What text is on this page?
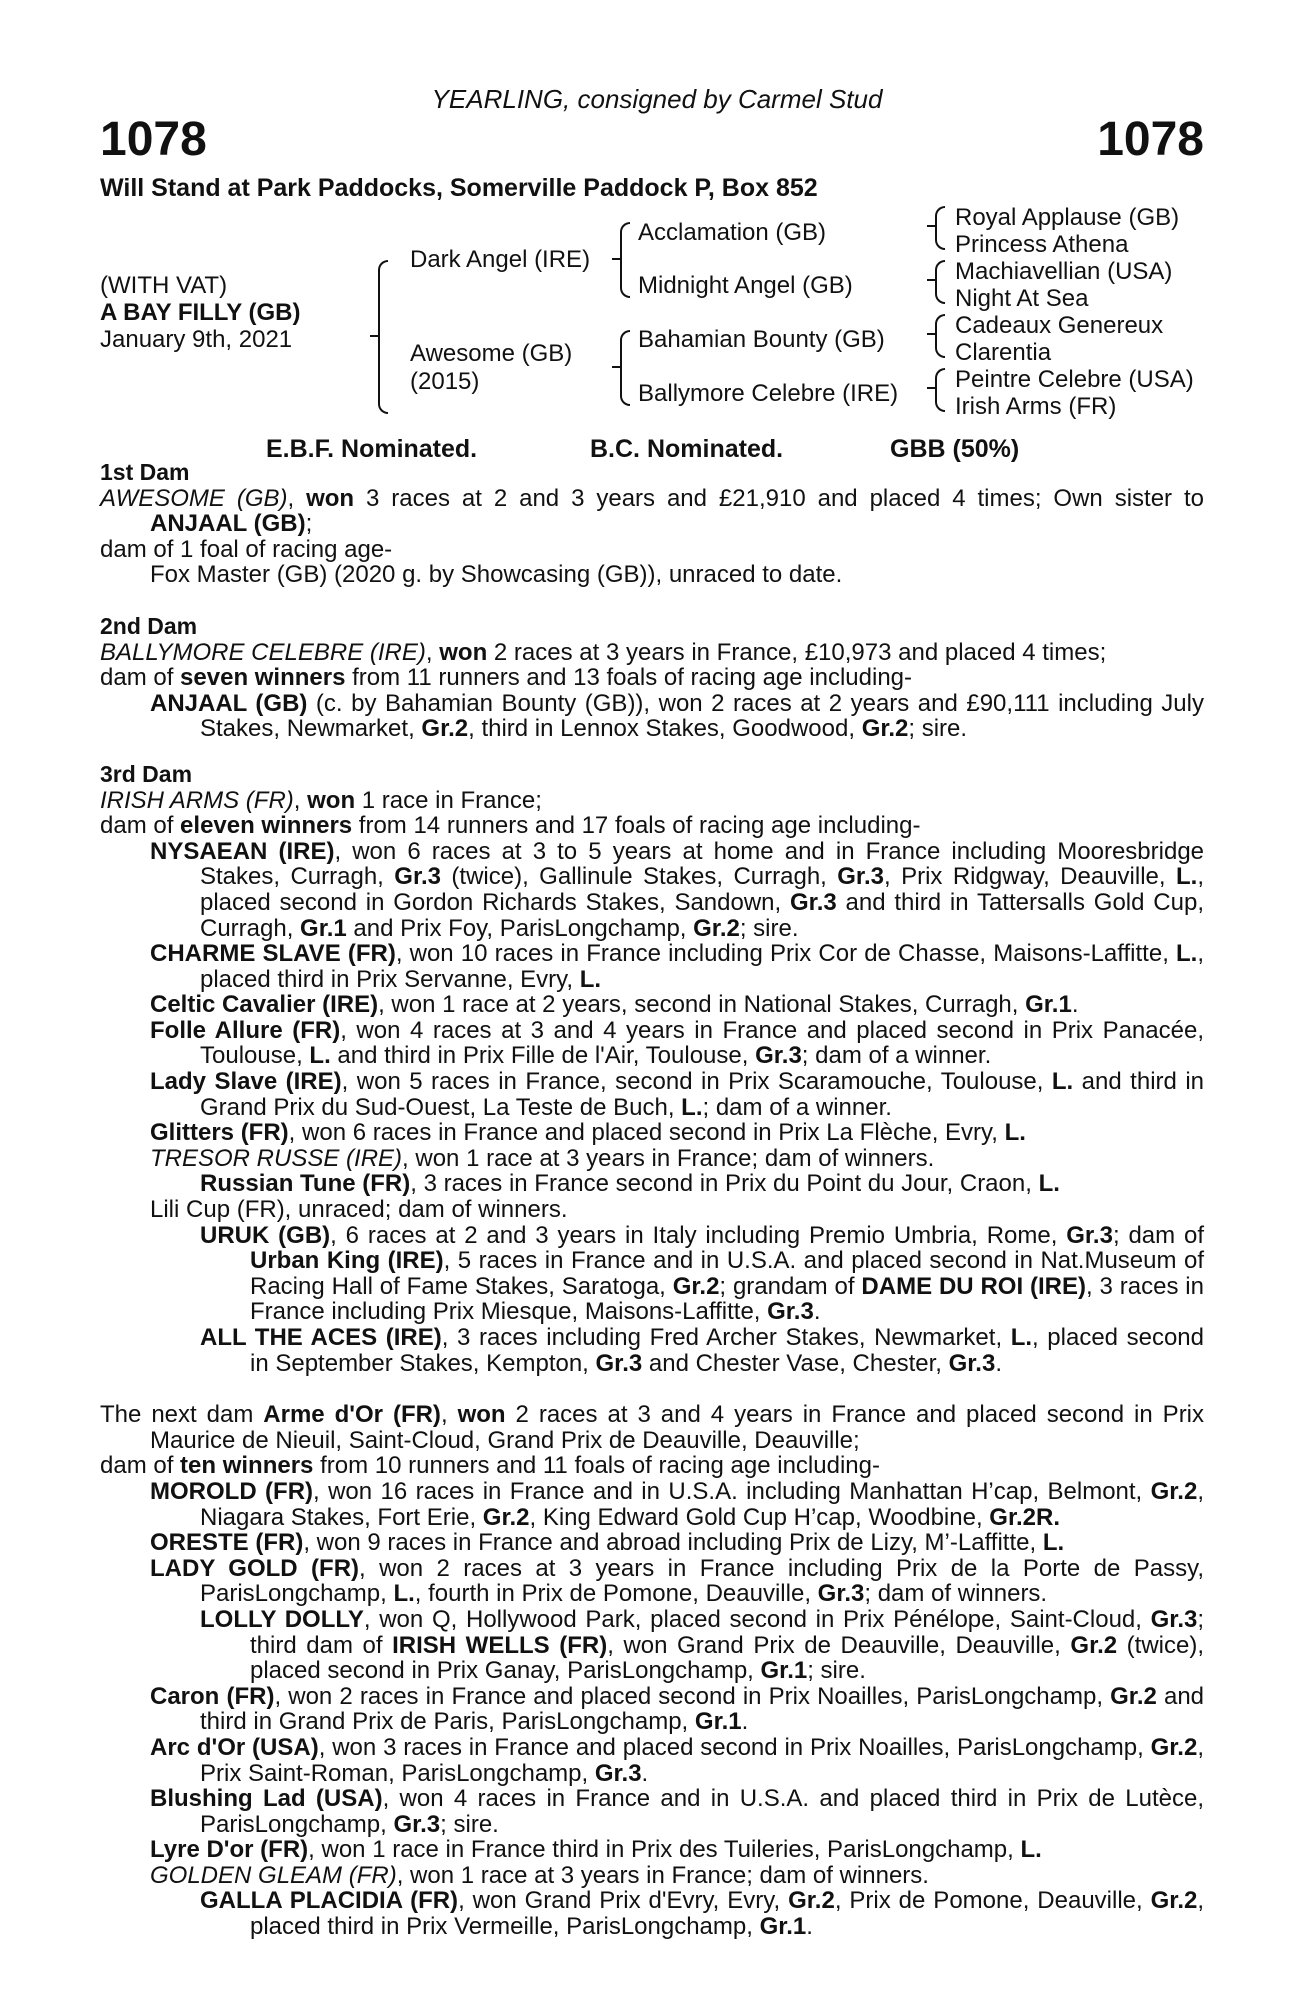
YEARLING, consigned by Carmel Stud
1078	1078
Will Stand at Park Paddocks, Somerville Paddock P, Box 852
(WITH VAT)
A BAY FILLY (GB)
January 9th, 2021
Dark Angel (IRE)
Awesome (GB)
(2015)
Acclamation (GB)
Midnight Angel (GB)
Bahamian Bounty (GB)
Ballymore Celebre (IRE)
Royal Applause (GB)
Princess Athena
Machiavellian (USA)
Night At Sea
Cadeaux Genereux
Clarentia
Peintre Celebre (USA)
Irish Arms (FR)
E.B.F. Nominated.	B.C. Nominated.	GBB (50%)
1st Dam

AWESOME (GB), won 3 races at 2 and 3 years and £21,910 and placed 4 times; Own sister to ANJAAL (GB);

dam of 1 foal of racing age-

Fox Master (GB) (2020 g. by Showcasing (GB)), unraced to date.

2nd Dam

BALLYMORE CELEBRE (IRE), won 2 races at 3 years in France, £10,973 and placed 4 times;

dam of seven winners from 11 runners and 13 foals of racing age including-

ANJAAL (GB) (c. by Bahamian Bounty (GB)), won 2 races at 2 years and £90,111 including July Stakes, Newmarket, Gr.2, third in Lennox Stakes, Goodwood, Gr.2; sire.

3rd Dam

IRISH ARMS (FR), won 1 race in France;

dam of eleven winners from 14 runners and 17 foals of racing age including-

NYSAEAN (IRE), won 6 races at 3 to 5 years at home and in France including Mooresbridge Stakes, Curragh, Gr.3 (twice), Gallinule Stakes, Curragh, Gr.3, Prix Ridgway, Deauville, L., placed second in Gordon Richards Stakes, Sandown, Gr.3 and third in Tattersalls Gold Cup, Curragh, Gr.1 and Prix Foy, ParisLongchamp, Gr.2; sire.

CHARME SLAVE (FR), won 10 races in France including Prix Cor de Chasse, Maisons-Laffitte, L., placed third in Prix Servanne, Evry, L.

Celtic Cavalier (IRE), won 1 race at 2 years, second in National Stakes, Curragh, Gr.1.

Folle Allure (FR), won 4 races at 3 and 4 years in France and placed second in Prix Panacée, Toulouse, L. and third in Prix Fille de l'Air, Toulouse, Gr.3; dam of a winner.

Lady Slave (IRE), won 5 races in France, second in Prix Scaramouche, Toulouse, L. and third in Grand Prix du Sud-Ouest, La Teste de Buch, L.; dam of a winner.

Glitters (FR), won 6 races in France and placed second in Prix La Flèche, Evry, L.

TRESOR RUSSE (IRE), won 1 race at 3 years in France; dam of winners.

Russian Tune (FR), 3 races in France second in Prix du Point du Jour, Craon, L.

Lili Cup (FR), unraced; dam of winners.

URUK (GB), 6 races at 2 and 3 years in Italy including Premio Umbria, Rome, Gr.3; dam of Urban King (IRE), 5 races in France and in U.S.A. and placed second in Nat.Museum of Racing Hall of Fame Stakes, Saratoga, Gr.2; grandam of DAME DU ROI (IRE), 3 races in France including Prix Miesque, Maisons-Laffitte, Gr.3.

ALL THE ACES (IRE), 3 races including Fred Archer Stakes, Newmarket, L., placed second in September Stakes, Kempton, Gr.3 and Chester Vase, Chester, Gr.3.

The next dam Arme d'Or (FR), won 2 races at 3 and 4 years in France and placed second in Prix Maurice de Nieuil, Saint-Cloud, Grand Prix de Deauville, Deauville;

dam of ten winners from 10 runners and 11 foals of racing age including-

MOROLD (FR), won 16 races in France and in U.S.A. including Manhattan H’cap, Belmont, Gr.2, Niagara Stakes, Fort Erie, Gr.2, King Edward Gold Cup H’cap, Woodbine, Gr.2R.

ORESTE (FR), won 9 races in France and abroad including Prix de Lizy, M’-Laffitte, L.

LADY GOLD (FR), won 2 races at 3 years in France including Prix de la Porte de Passy, ParisLongchamp, L., fourth in Prix de Pomone, Deauville, Gr.3; dam of winners.

LOLLY DOLLY, won Q, Hollywood Park, placed second in Prix Pénélope, Saint-Cloud, Gr.3; third dam of IRISH WELLS (FR), won Grand Prix de Deauville, Deauville, Gr.2 (twice), placed second in Prix Ganay, ParisLongchamp, Gr.1; sire.

Caron (FR), won 2 races in France and placed second in Prix Noailles, ParisLongchamp, Gr.2 and third in Grand Prix de Paris, ParisLongchamp, Gr.1.

Arc d'Or (USA), won 3 races in France and placed second in Prix Noailles, ParisLongchamp, Gr.2, Prix Saint-Roman, ParisLongchamp, Gr.3.

Blushing Lad (USA), won 4 races in France and in U.S.A. and placed third in Prix de Lutèce, ParisLongchamp, Gr.3; sire.

Lyre D'or (FR), won 1 race in France third in Prix des Tuileries, ParisLongchamp, L.

GOLDEN GLEAM (FR), won 1 race at 3 years in France; dam of winners.

GALLA PLACIDIA (FR), won Grand Prix d'Evry, Evry, Gr.2, Prix de Pomone, Deauville, Gr.2, placed third in Prix Vermeille, ParisLongchamp, Gr.1.
